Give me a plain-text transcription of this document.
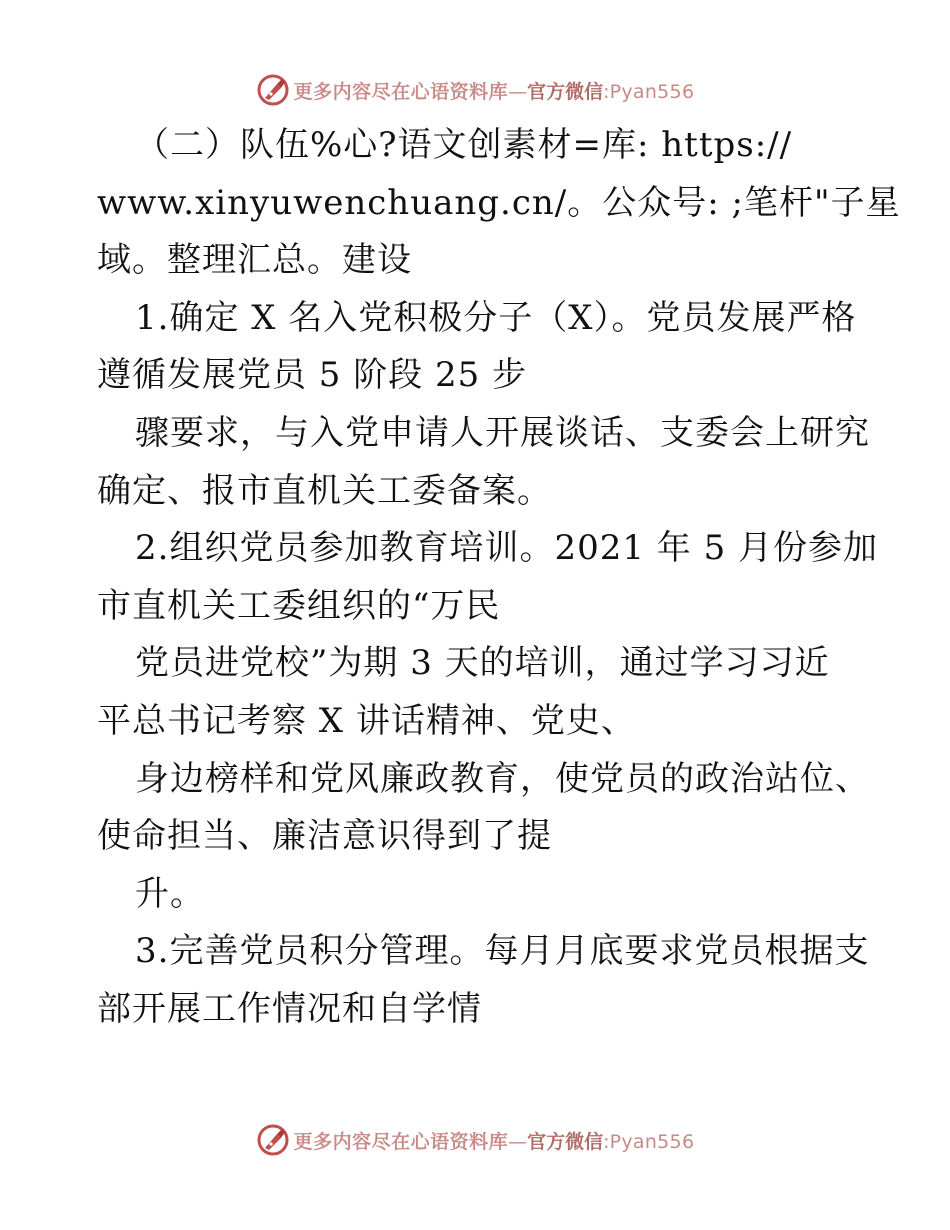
更多内容尽在心语资料库—官方微信:Pyan556
（二）队伍%心?语文创素材=库: https://
www.xinyuwenchuang.cn/。公众号: ;笔杆"子星
域。整理汇总。建设
1.确定 X 名入党积极分子（X）。党员发展严格
遵循发展党员 5 阶段 25 步
骤要求，与入党申请人开展谈话、支委会上研究
确定、报市直机关工委备案。
2.组织党员参加教育培训。2021 年 5 月份参加
市直机关工委组织的“万民
党员进党校”为期 3 天的培训，通过学习习近
平总书记考察 X 讲话精神、党史、
身边榜样和党风廉政教育，使党员的政治站位、
使命担当、廉洁意识得到了提
升。
3.完善党员积分管理。每月月底要求党员根据支
部开展工作情况和自学情
更多内容尽在心语资料库—官方微信:Pyan556
